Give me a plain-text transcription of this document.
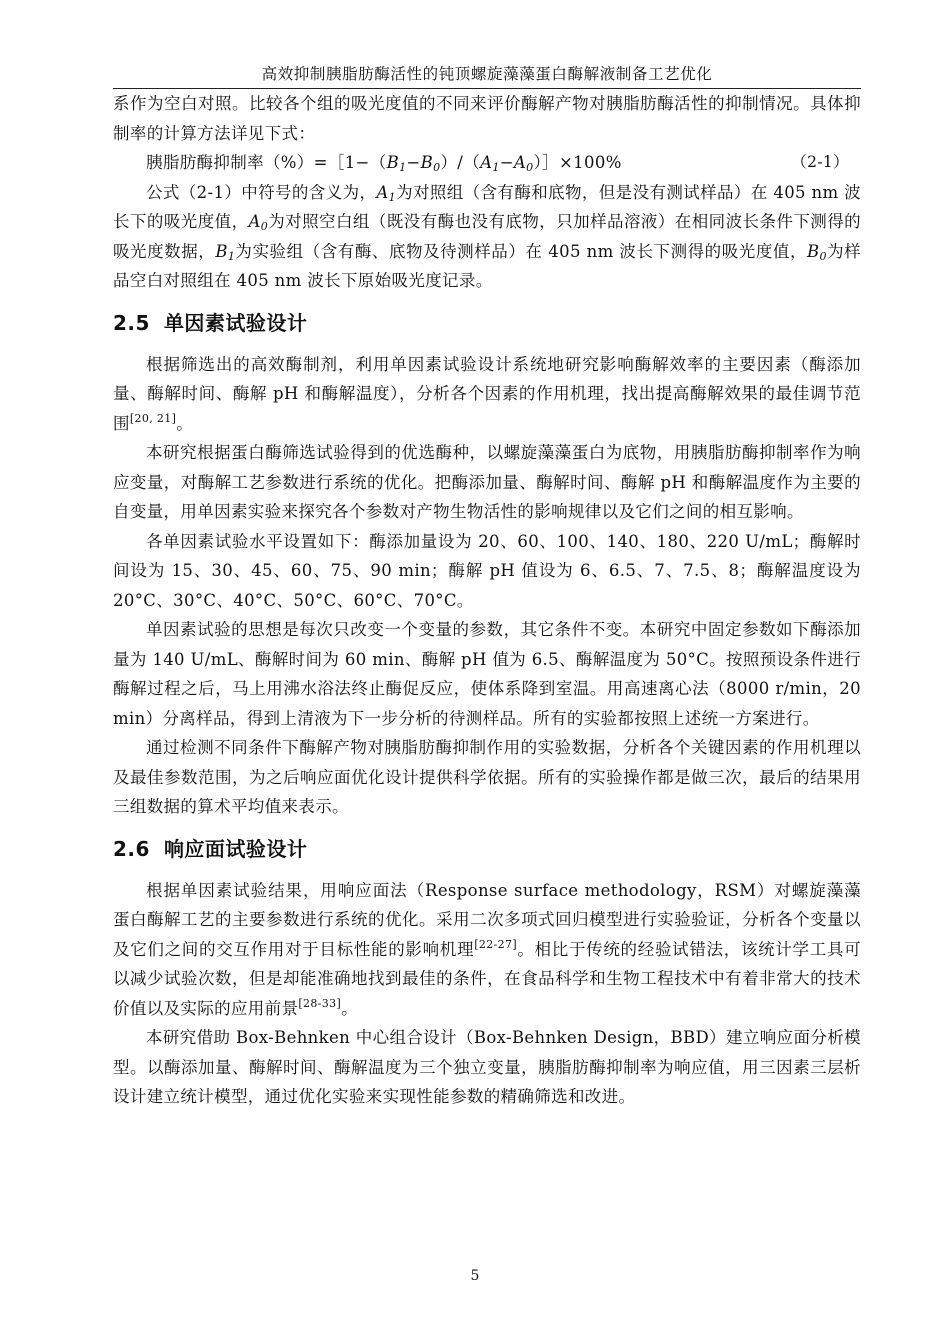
高效抑制胰脂肪酶活性的钝顶螺旋藻藻蛋白酶解液制备工艺优化

系作为空白对照。比较各个组的吸光度值的不同来评价酶解产物对胰脂肪酶活性的抑制情况。具体抑制率的计算方法详见下式：

胰脂肪酶抑制率$(\%)=[1-(B_1-B_0)/(A_1-A_0)]\times 100\%$	（2-1）

公式（2-1）中符号的含义为，$A_1$为对照组（含有酶和底物，但是没有测试样品）在 405 nm 波长下的吸光度值，$A_0$为对照空白组（既没有酶也没有底物，只加样品溶液）在相同波长条件下测得的吸光度数据，$B_1$为实验组（含有酶、底物及待测样品）在 405 nm 波长下测得的吸光度值，$B_0$为样品空白对照组在 405 nm 波长下原始吸光度记录。

2.5 单因素试验设计

根据筛选出的高效酶制剂，利用单因素试验设计系统地研究影响酶解效率的主要因素（酶添加量、酶解时间、酶解 pH 和酶解温度），分析各个因素的作用机理，找出提高酶解效果的最佳调节范围[20, 21]。

本研究根据蛋白酶筛选试验得到的优选酶种，以螺旋藻藻蛋白为底物，用胰脂肪酶抑制率作为响应变量，对酶解工艺参数进行系统的优化。把酶添加量、酶解时间、酶解 pH 和酶解温度作为主要的自变量，用单因素实验来探究各个参数对产物生物活性的影响规律以及它们之间的相互影响。

各单因素试验水平设置如下：酶添加量设为 20、60、100、140、180、220 U/mL；酶解时间设为 15、30、45、60、75、90 min；酶解 pH 值设为 6、6.5、7、7.5、8；酶解温度设为 20°C、30°C、40°C、50°C、60°C、70°C。

单因素试验的思想是每次只改变一个变量的参数，其它条件不变。本研究中固定参数如下酶添加量为 140 U/mL、酶解时间为 60 min、酶解 pH 值为 6.5、酶解温度为 50°C。按照预设条件进行酶解过程之后，马上用沸水浴法终止酶促反应，使体系降到室温。用高速离心法（8000 r/min，20 min）分离样品，得到上清液为下一步分析的待测样品。所有的实验都按照上述统一方案进行。

通过检测不同条件下酶解产物对胰脂肪酶抑制作用的实验数据，分析各个关键因素的作用机理以及最佳参数范围，为之后响应面优化设计提供科学依据。所有的实验操作都是做三次，最后的结果用三组数据的算术平均值来表示。

2.6 响应面试验设计

根据单因素试验结果，用响应面法（Response surface methodology，RSM）对螺旋藻藻蛋白酶解工艺的主要参数进行系统的优化。采用二次多项式回归模型进行实验验证，分析各个变量以及它们之间的交互作用对于目标性能的影响机理[22-27]。相比于传统的经验试错法，该统计学工具可以减少试验次数，但是却能准确地找到最佳的条件，在食品科学和生物工程技术中有着非常大的技术价值以及实际的应用前景[28-33]。

本研究借助 Box-Behnken 中心组合设计（Box-Behnken Design，BBD）建立响应面分析模型。以酶添加量、酶解时间、酶解温度为三个独立变量，胰脂肪酶抑制率为响应值，用三因素三层析设计建立统计模型，通过优化实验来实现性能参数的精确筛选和改进。

5
